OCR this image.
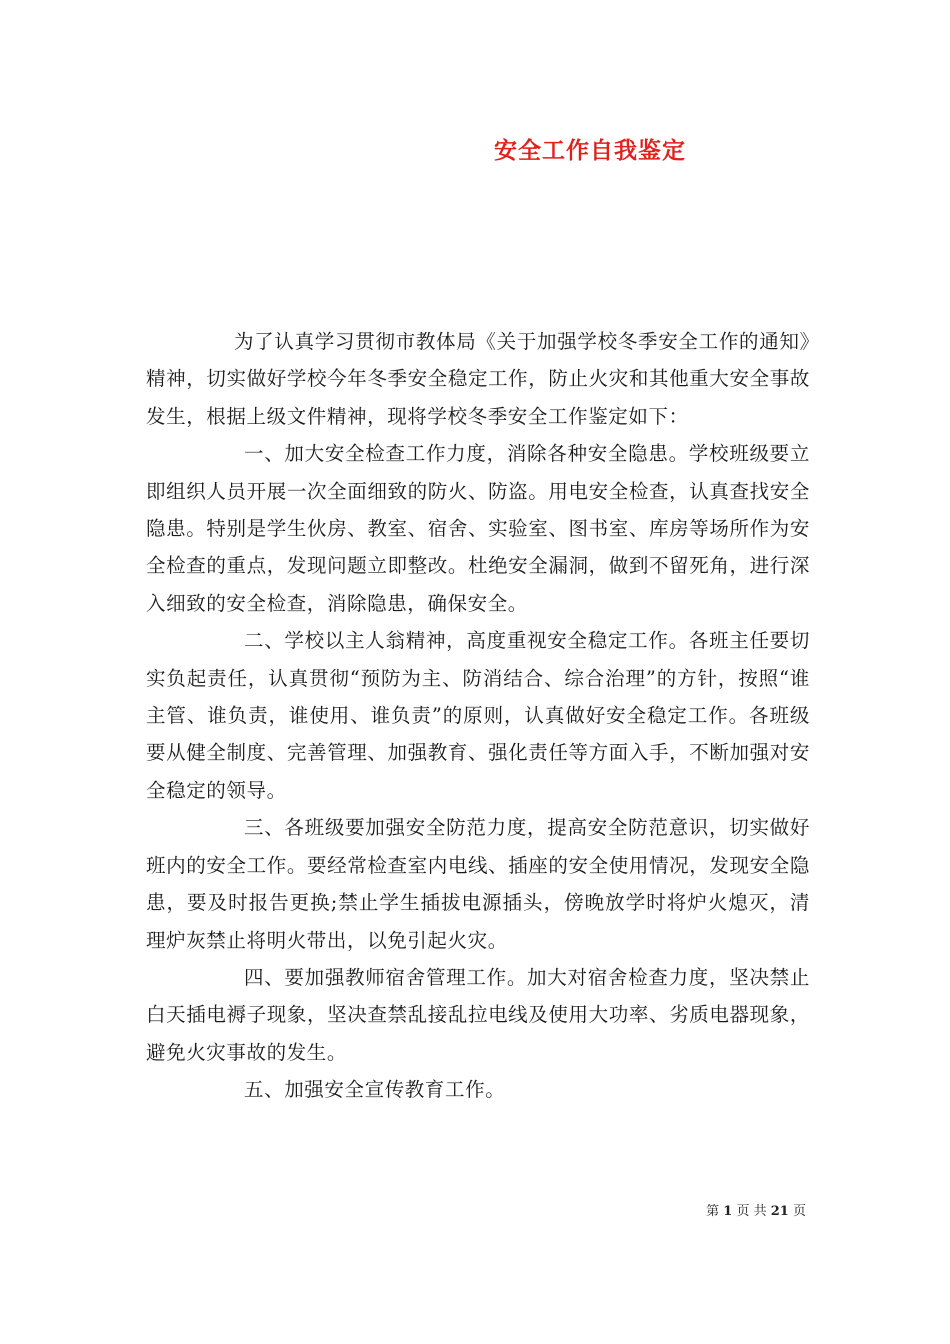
安全工作自我鉴定

为了认真学习贯彻市教体局《关于加强学校冬季安全工作的通知》精神，切实做好学校今年冬季安全稳定工作，防止火灾和其他重大安全事故发生，根据上级文件精神，现将学校冬季安全工作鉴定如下：

一、加大安全检查工作力度，消除各种安全隐患。学校班级要立即组织人员开展一次全面细致的防火、防盗。用电安全检查，认真查找安全隐患。特别是学生伙房、教室、宿舍、实验室、图书室、库房等场所作为安全检查的重点，发现问题立即整改。杜绝安全漏洞，做到不留死角，进行深入细致的安全检查，消除隐患，确保安全。

二、学校以主人翁精神，高度重视安全稳定工作。各班主任要切实负起责任，认真贯彻“预防为主、防消结合、综合治理”的方针，按照“谁主管、谁负责，谁使用、谁负责”的原则，认真做好安全稳定工作。各班级要从健全制度、完善管理、加强教育、强化责任等方面入手，不断加强对安全稳定的领导。

三、各班级要加强安全防范力度，提高安全防范意识，切实做好班内的安全工作。要经常检查室内电线、插座的安全使用情况，发现安全隐患，要及时报告更换;禁止学生插拔电源插头，傍晚放学时将炉火熄灭，清理炉灰禁止将明火带出，以免引起火灾。

四、要加强教师宿舍管理工作。加大对宿舍检查力度，坚决禁止白天插电褥子现象，坚决查禁乱接乱拉电线及使用大功率、劣质电器现象，避免火灾事故的发生。

五、加强安全宣传教育工作。

第 1 页 共 21 页
